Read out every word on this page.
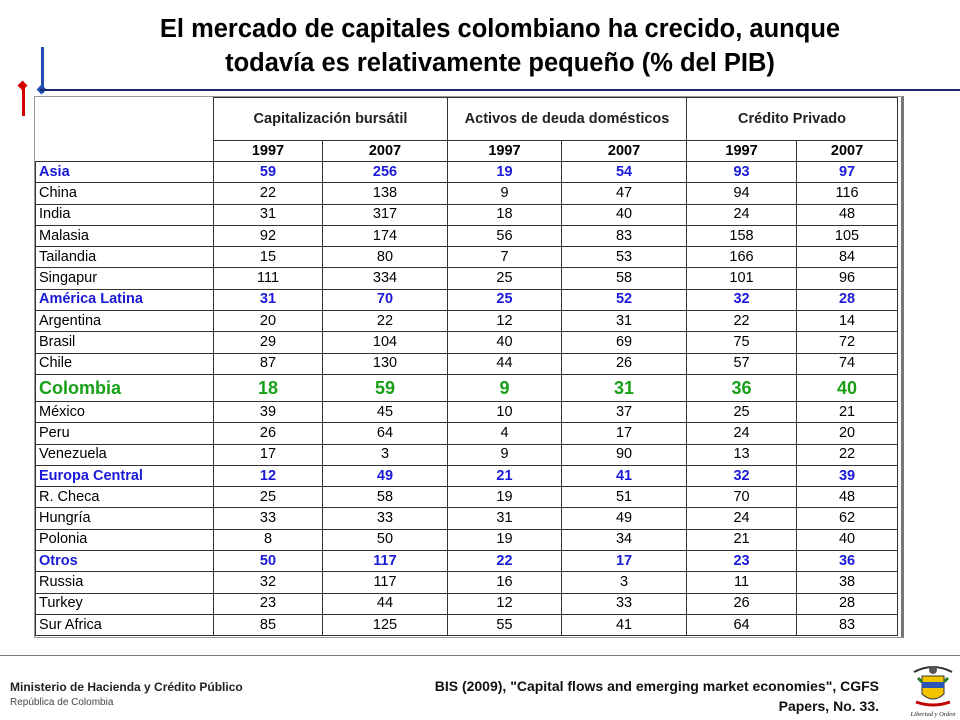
El mercado de capitales colombiano ha crecido, aunque
todavía es relativamente pequeño (% del PIB)
	Capitalización bursátil		Activos de deuda domésticos		Crédito Privado	
	1997	2007	1997	2007	1997	2007
Asia	59	256	19	54	93	97
China	22	138	9	47	94	116
India	31	317	18	40	24	48
Malasia	92	174	56	83	158	105
Tailandia	15	80	7	53	166	84
Singapur	111	334	25	58	101	96
América Latina	31	70	25	52	32	28
Argentina	20	22	12	31	22	14
Brasil	29	104	40	69	75	72
Chile	87	130	44	26	57	74
Colombia	18	59	9	31	36	40
México	39	45	10	37	25	21
Peru	26	64	4	17	24	20
Venezuela	17	3	9	90	13	22
Europa Central	12	49	21	41	32	39
R. Checa	25	58	19	51	70	48
Hungría	33	33	31	49	24	62
Polonia	8	50	19	34	21	40
Otros	50	117	22	17	23	36
Russia	32	117	16	3	11	38
Turkey	23	44	12	33	26	28
Sur Africa	85	125	55	41	64	83
Ministerio de Hacienda y Crédito Público
República de Colombia
BIS (2009), "Capital flows and emerging market economies", CGFS
Papers, No. 33.
Libertad y Orden
